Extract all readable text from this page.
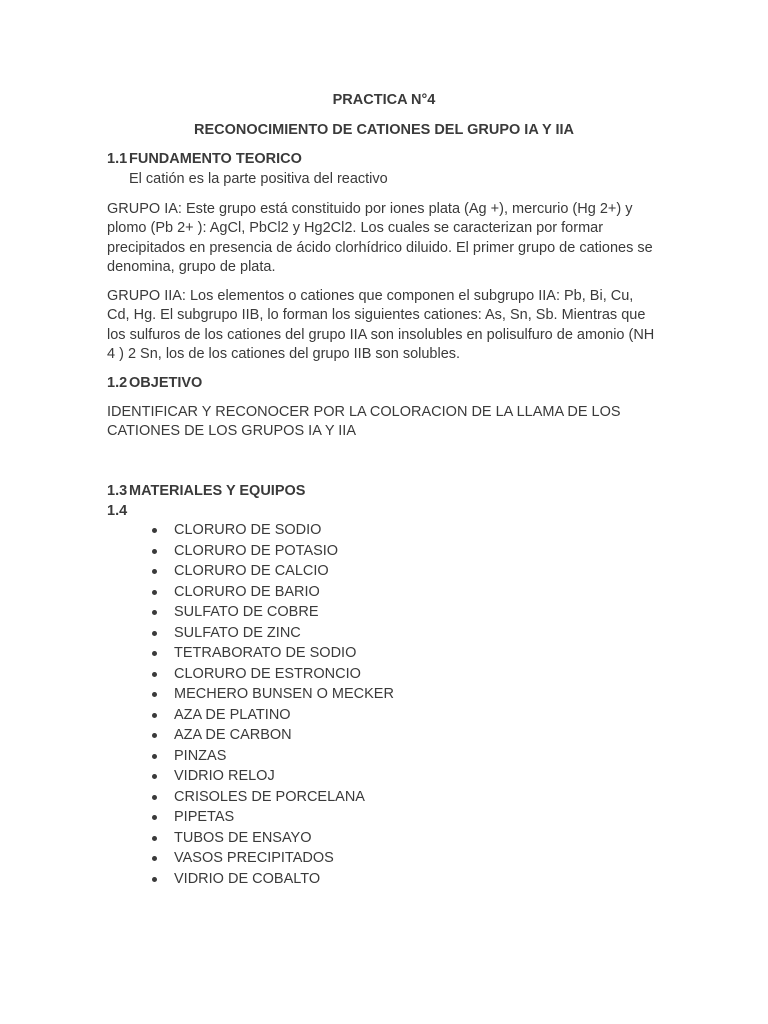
PRACTICA N°4
RECONOCIMIENTO DE CATIONES DEL GRUPO IA Y IIA
1.1 FUNDAMENTO TEORICO
El catión es la parte positiva del reactivo
GRUPO IA: Este grupo está constituido por iones plata (Ag +), mercurio (Hg 2+) y plomo (Pb 2+ ): AgCl, PbCl2 y Hg2Cl2. Los cuales se caracterizan por formar precipitados en presencia de ácido clorhídrico diluido. El primer grupo de cationes se denomina, grupo de plata.
GRUPO IIA: Los elementos o cationes que componen el subgrupo IIA: Pb, Bi, Cu, Cd, Hg. El subgrupo IIB, lo forman los siguientes cationes: As, Sn, Sb. Mientras que los sulfuros de los cationes del grupo IIA son insolubles en polisulfuro de amonio (NH 4 ) 2 Sn, los de los cationes del grupo IIB son solubles.
1.2 OBJETIVO
IDENTIFICAR Y RECONOCER POR LA COLORACION DE LA LLAMA DE LOS CATIONES DE LOS GRUPOS IA Y IIA
1.3 MATERIALES Y EQUIPOS
1.4
CLORURO DE SODIO
CLORURO DE POTASIO
CLORURO DE CALCIO
CLORURO DE BARIO
SULFATO DE COBRE
SULFATO DE ZINC
TETRABORATO DE SODIO
CLORURO DE ESTRONCIO
MECHERO BUNSEN O MECKER
AZA DE PLATINO
AZA DE CARBON
PINZAS
VIDRIO RELOJ
CRISOLES DE PORCELANA
PIPETAS
TUBOS DE ENSAYO
VASOS PRECIPITADOS
VIDRIO DE COBALTO
